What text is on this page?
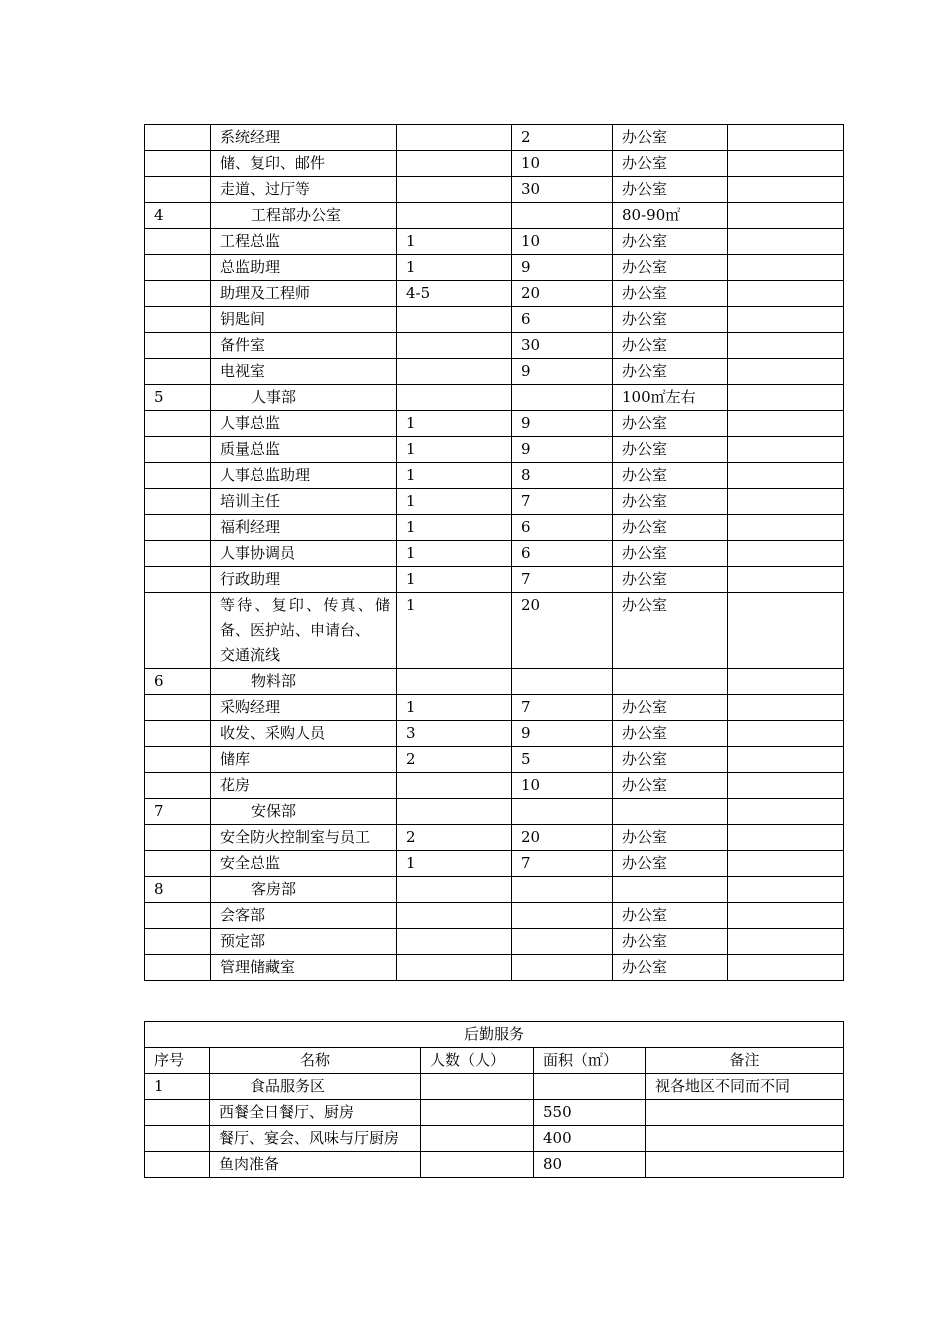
	系统经理		2	办公室	
	储、复印、邮件		10	办公室	
	走道、过厅等		30	办公室	
4	工程部办公室			80-90㎡	
	工程总监	1	10	办公室	
	总监助理	1	9	办公室	
	助理及工程师	4-5	20	办公室	
	钥匙间		6	办公室	
	备件室		30	办公室	
	电视室		9	办公室	
5	人事部			100㎡左右	
	人事总监	1	9	办公室	
	质量总监	1	9	办公室	
	人事总监助理	1	8	办公室	
	培训主任	1	7	办公室	
	福利经理	1	6	办公室	
	人事协调员	1	6	办公室	
	行政助理	1	7	办公室	
	等待、复印、传真、储备、医护站、申请台、
交通流线	1	20	办公室	
6	物料部				
	采购经理	1	7	办公室	
	收发、采购人员	3	9	办公室	
	储库	2	5	办公室	
	花房		10	办公室	
7	安保部				
	安全防火控制室与员工	2	20	办公室	
	安全总监	1	7	办公室	
8	客房部				
	会客部			办公室	
	预定部			办公室	
	管理储藏室			办公室	
后勤服务				
序号	名称	人数（人）	面积（㎡）	备注
1	食品服务区			视各地区不同而不同
	西餐全日餐厅、厨房		550	
	餐厅、宴会、风味与厅厨房		400	
	鱼肉准备		80	
